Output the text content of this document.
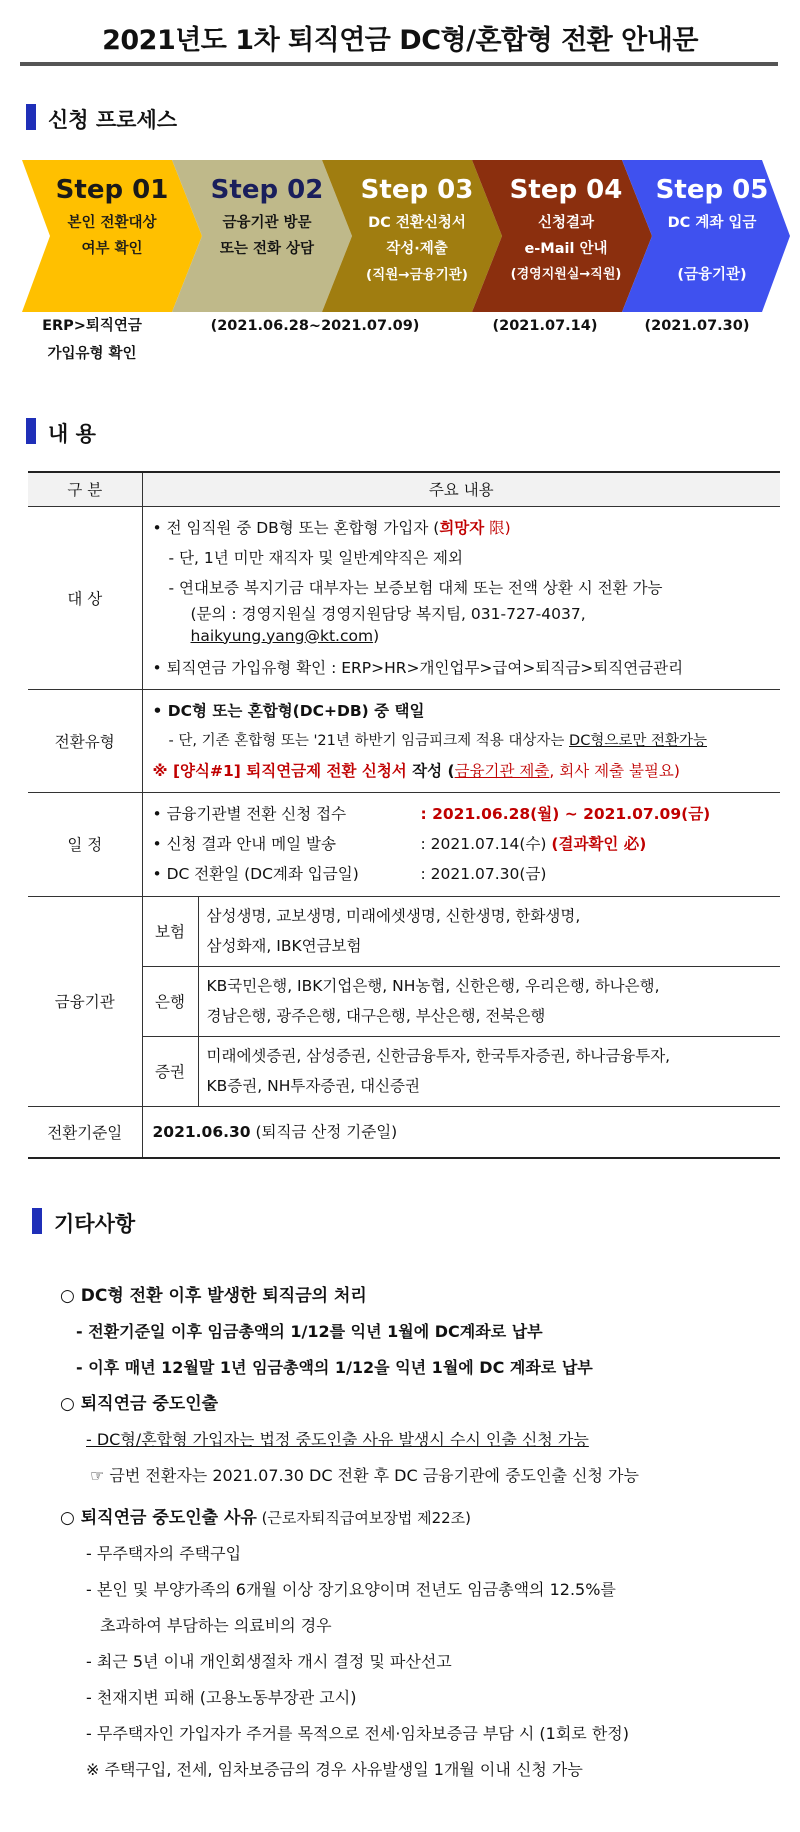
2021년도 1차 퇴직연금 DC형/혼합형 전환 안내문
신청 프로세스
Step 01
본인 전환대상
여부 확인
Step 02
금융기관 방문
또는 전화 상담
Step 03
DC 전환신청서
작성·제출
(직원→금융기관)
Step 04
신청결과
e-Mail 안내
(경영지원실→직원)
Step 05
DC 계좌 입금

(금융기관)
ERP>퇴직연금
가입유형 확인
(2021.06.28~2021.07.09)	(2021.07.14)	(2021.07.30)
내 용
구 분	주요 내용	
대 상	• 전 임직원 중 DB형 또는 혼합형 가입자 (희망자 限)
- 단, 1년 미만 재직자 및 일반계약직은 제외
- 연대보증 복지기금 대부자는 보증보험 대체 또는 전액 상환 시 전환 가능
(문의 : 경영지원실 경영지원담당 복지팀, 031-727-4037, haikyung.yang@kt.com)
• 퇴직연금 가입유형 확인 : ERP>HR>개인업무>급여>퇴직금>퇴직연금관리	

전환유형	• DC형 또는 혼합형(DC+DB) 중 택일
- 단, 기존 혼합형 또는 '21년 하반기 임금피크제 적용 대상자는 DC형으로만 전환가능
※ [양식#1] 퇴직연금제 전환 신청서 작성 (금융기관 제출, 회사 제출 불필요)	

일 정	• 금융기관별 전환 신청 접수 : 2021.06.28(월) ~ 2021.07.09(금)
• 신청 결과 안내 메일 발송 : 2021.07.14(수) (결과확인 必)
• DC 전환일 (DC계좌 입금일) : 2021.07.30(금)	

금융기관	보험	삼성생명, 교보생명, 미래에셋생명, 신한생명, 한화생명,
삼성화재, IBK연금보험

	은행	KB국민은행, IBK기업은행, NH농협, 신한은행, 우리은행, 하나은행,
경남은행, 광주은행, 대구은행, 부산은행, 전북은행

	증권	미래에셋증권, 삼성증권, 신한금융투자, 한국투자증권, 하나금융투자,
KB증권, NH투자증권, 대신증권

전환기준일	2021.06.30 (퇴직금 산정 기준일)	
기타사항
○ DC형 전환 이후 발생한 퇴직금의 처리
- 전환기준일 이후 임금총액의 1/12를 익년 1월에 DC계좌로 납부
- 이후 매년 12월말 1년 임금총액의 1/12을 익년 1월에 DC 계좌로 납부
○ 퇴직연금 중도인출
- DC형/혼합형 가입자는 법정 중도인출 사유 발생시 수시 인출 신청 가능
☞ 금번 전환자는 2021.07.30 DC 전환 후 DC 금융기관에 중도인출 신청 가능
○ 퇴직연금 중도인출 사유 (근로자퇴직급여보장법 제22조)
- 무주택자의 주택구입
- 본인 및 부양가족의 6개월 이상 장기요양이며 전년도 임금총액의 12.5%를
초과하여 부담하는 의료비의 경우
- 최근 5년 이내 개인회생절차 개시 결정 및 파산선고
- 천재지변 피해 (고용노동부장관 고시)
- 무주택자인 가입자가 주거를 목적으로 전세·임차보증금 부담 시 (1회로 한정)
※ 주택구입, 전세, 임차보증금의 경우 사유발생일 1개월 이내 신청 가능
